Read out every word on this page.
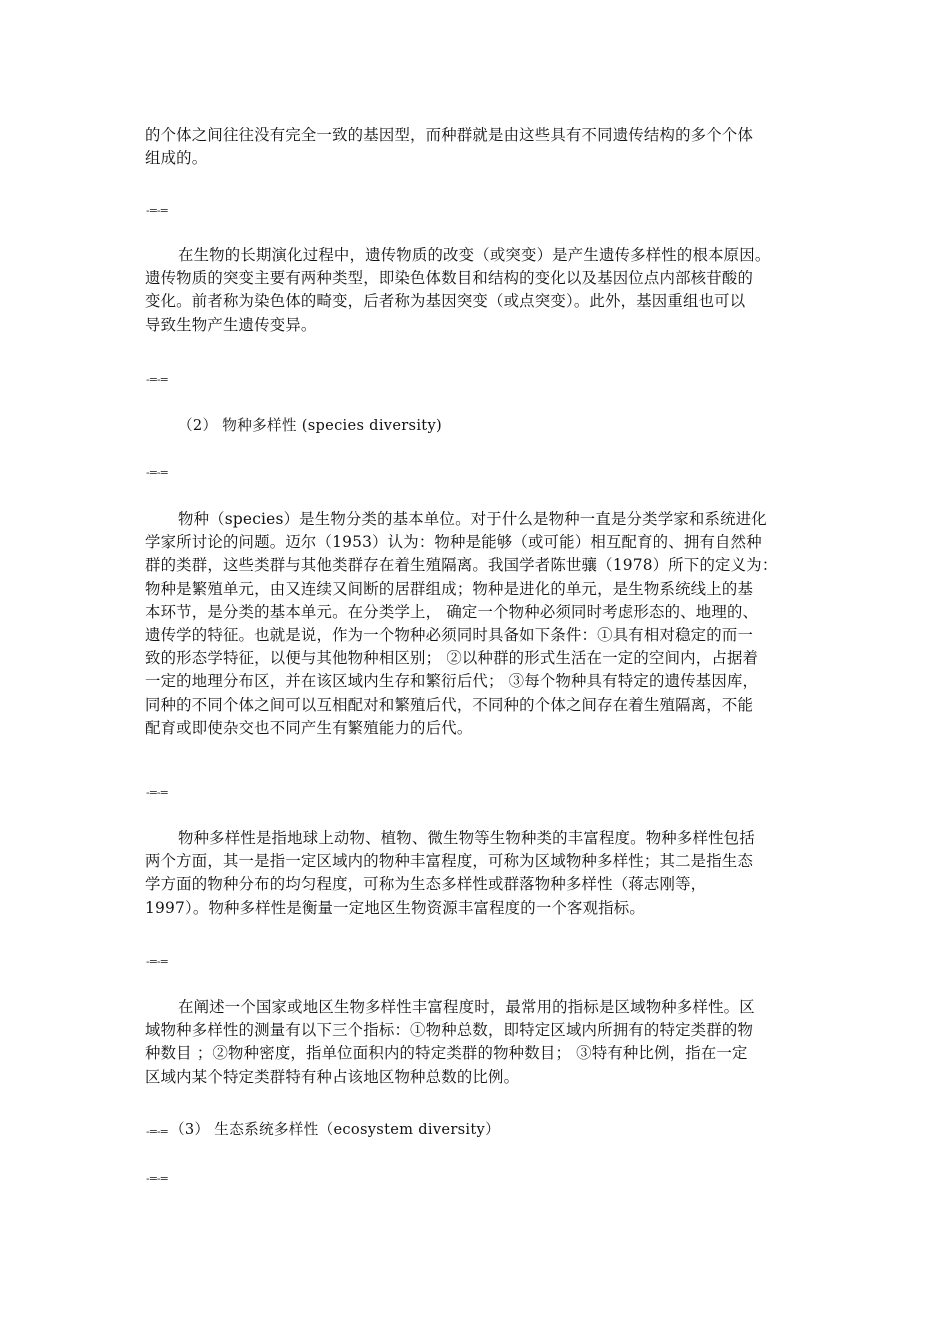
的个体之间往往没有完全一致的基因型，而种群就是由这些具有不同遗传结构的多个个体
组成的。
-=-=
在生物的长期演化过程中，遗传物质的改变（或突变）是产生遗传多样性的根本原因。
遗传物质的突变主要有两种类型，即染色体数目和结构的变化以及基因位点内部核苷酸的
变化。前者称为染色体的畸变，后者称为基因突变（或点突变）。此外，基因重组也可以
导致生物产生遗传变异。
-=-=
（2） 物种多样性 (species diversity)
-=-=
物种（species）是生物分类的基本单位。对于什么是物种一直是分类学家和系统进化
学家所讨论的问题。迈尔（1953）认为：物种是能够（或可能）相互配育的、拥有自然种
群的类群，这些类群与其他类群存在着生殖隔离。我国学者陈世骧（1978）所下的定义为：
物种是繁殖单元，由又连续又间断的居群组成；物种是进化的单元，是生物系统线上的基
本环节，是分类的基本单元。在分类学上， 确定一个物种必须同时考虑形态的、地理的、
遗传学的特征。也就是说，作为一个物种必须同时具备如下条件：①具有相对稳定的而一
致的形态学特征，以便与其他物种相区别； ②以种群的形式生活在一定的空间内，占据着
一定的地理分布区，并在该区域内生存和繁衍后代； ③每个物种具有特定的遗传基因库，
同种的不同个体之间可以互相配对和繁殖后代，不同种的个体之间存在着生殖隔离，不能
配育或即使杂交也不同产生有繁殖能力的后代。
-=-=
物种多样性是指地球上动物、植物、微生物等生物种类的丰富程度。物种多样性包括
两个方面，其一是指一定区域内的物种丰富程度，可称为区域物种多样性；其二是指生态
学方面的物种分布的均匀程度，可称为生态多样性或群落物种多样性（蒋志刚等，
1997）。物种多样性是衡量一定地区生物资源丰富程度的一个客观指标。
-=-=
在阐述一个国家或地区生物多样性丰富程度时，最常用的指标是区域物种多样性。区
域物种多样性的测量有以下三个指标：①物种总数，即特定区域内所拥有的特定类群的物
种数目 ；②物种密度，指单位面积内的特定类群的物种数目； ③特有种比例，指在一定
区域内某个特定类群特有种占该地区物种总数的比例。
-=-= （3） 生态系统多样性（ecosystem diversity）
-=-=
